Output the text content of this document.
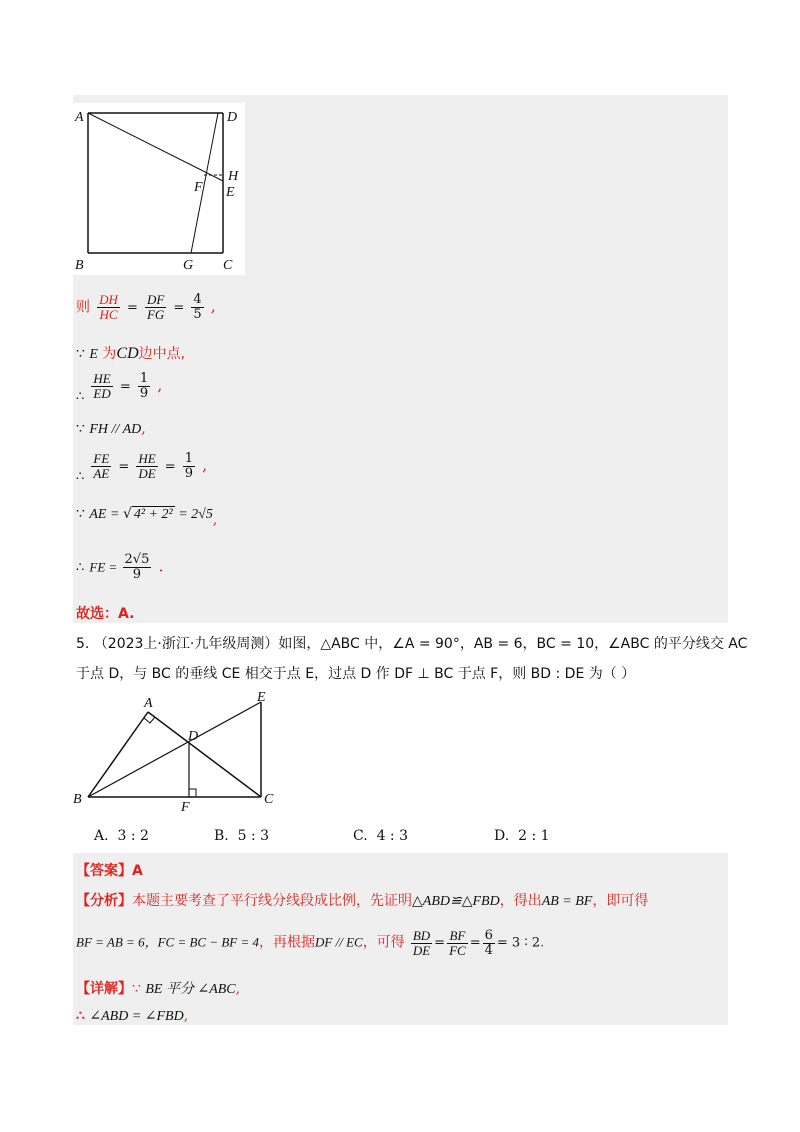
A	D
H
F E
B	G C
则 $\frac{DH}{HC} = \frac{DF}{FG} = \frac{4}{5}$ ,
∵ E 为CD边中点,
$_\therefore \frac{HE}{ED} = \frac{1}{9}$ ,
∵ FH // AD,
$_\therefore \frac{FE}{AE} = \frac{HE}{DE} = \frac{1}{9}$ ,
∵ AE = √ 4² + 2² = 2√5,
∴ FE = $\frac{2√5}{9}$ .
故选：A.
5. （2023上·浙江·九年级周测）如图，△ABC 中，∠A = 90°，AB = 6，BC = 10，∠ABC 的平分线交 AC
于点 D，与 BC 的垂线 CE 相交于点 E，过点 D 作 DF ⊥ BC 于点 F，则 BD : DE 为（ ）
A	E
D
B
F
C
A. 3 : 2	B. 5 : 3	C. 4 : 3	D. 2 : 1
【答案】A
【分析】本题主要考查了平行线分线段成比例，先证明△ABD≌△FBD，得出AB = BF，即可得
BF = AB = 6，FC = BC − BF = 4，再根据DF // EC，可得 $\frac{BD}{DE} = \frac{BF}{FC} = \frac{6}{4} = 3$ ∶ 2.
【详解】∵ BE 平分 ∠ABC,
∴ ∠ABD = ∠FBD,
